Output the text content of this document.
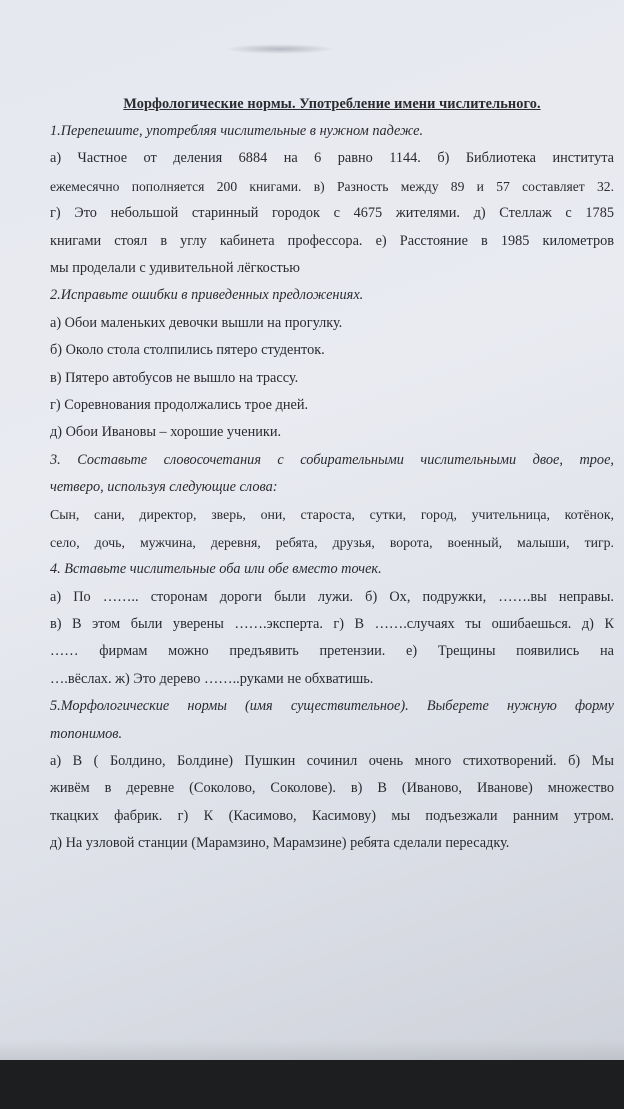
Морфологические нормы. Употребление имени числительного.
1.Перепешите, употребляя числительные в нужном падеже.
а) Частное от деления 6884 на 6 равно 1144. б) Библиотека института
ежемесячно пополняется 200 книгами. в) Разность между 89 и 57 составляет 32.
г) Это небольшой старинный городок с 4675 жителями. д) Стеллаж с 1785
книгами стоял в углу кабинета профессора. е) Расстояние в 1985 километров
мы проделали с удивительной лёгкостью
2.Исправьте ошибки в приведенных предложениях.
а) Обои маленьких девочки вышли на прогулку.
б) Около стола столпились пятеро студенток.
в) Пятеро автобусов не вышло на трассу.
г) Соревнования продолжались трое дней.
д) Обои Ивановы – хорошие ученики.
3. Составьте словосочетания с собирательными числительными двое, трое,
четверо, используя следующие слова:
Сын, сани, директор, зверь, они, староста, сутки, город, учительница, котёнок,
село, дочь, мужчина, деревня, ребята, друзья, ворота, военный, малыши, тигр.
4. Вставьте числительные оба или обе вместо точек.
а) По …….. сторонам дороги были лужи. б) Ох, подружки, …….вы неправы.
в) В этом были уверены …….эксперта. г) В …….случаях ты ошибаешься. д) К
…… фирмам можно предъявить претензии. е) Трещины появились на
….вёслах. ж) Это дерево ……..руками не обхватишь.
5.Морфологические нормы (имя существительное). Выберете нужную форму
топонимов.
а) В ( Болдино, Болдине) Пушкин сочинил очень много стихотворений. б) Мы
живём в деревне (Соколово, Соколове). в) В (Иваново, Иванове) множество
ткацких фабрик. г) К (Касимово, Касимову) мы подъезжали ранним утром.
д) На узловой станции (Марамзино, Марамзине) ребята сделали пересадку.
